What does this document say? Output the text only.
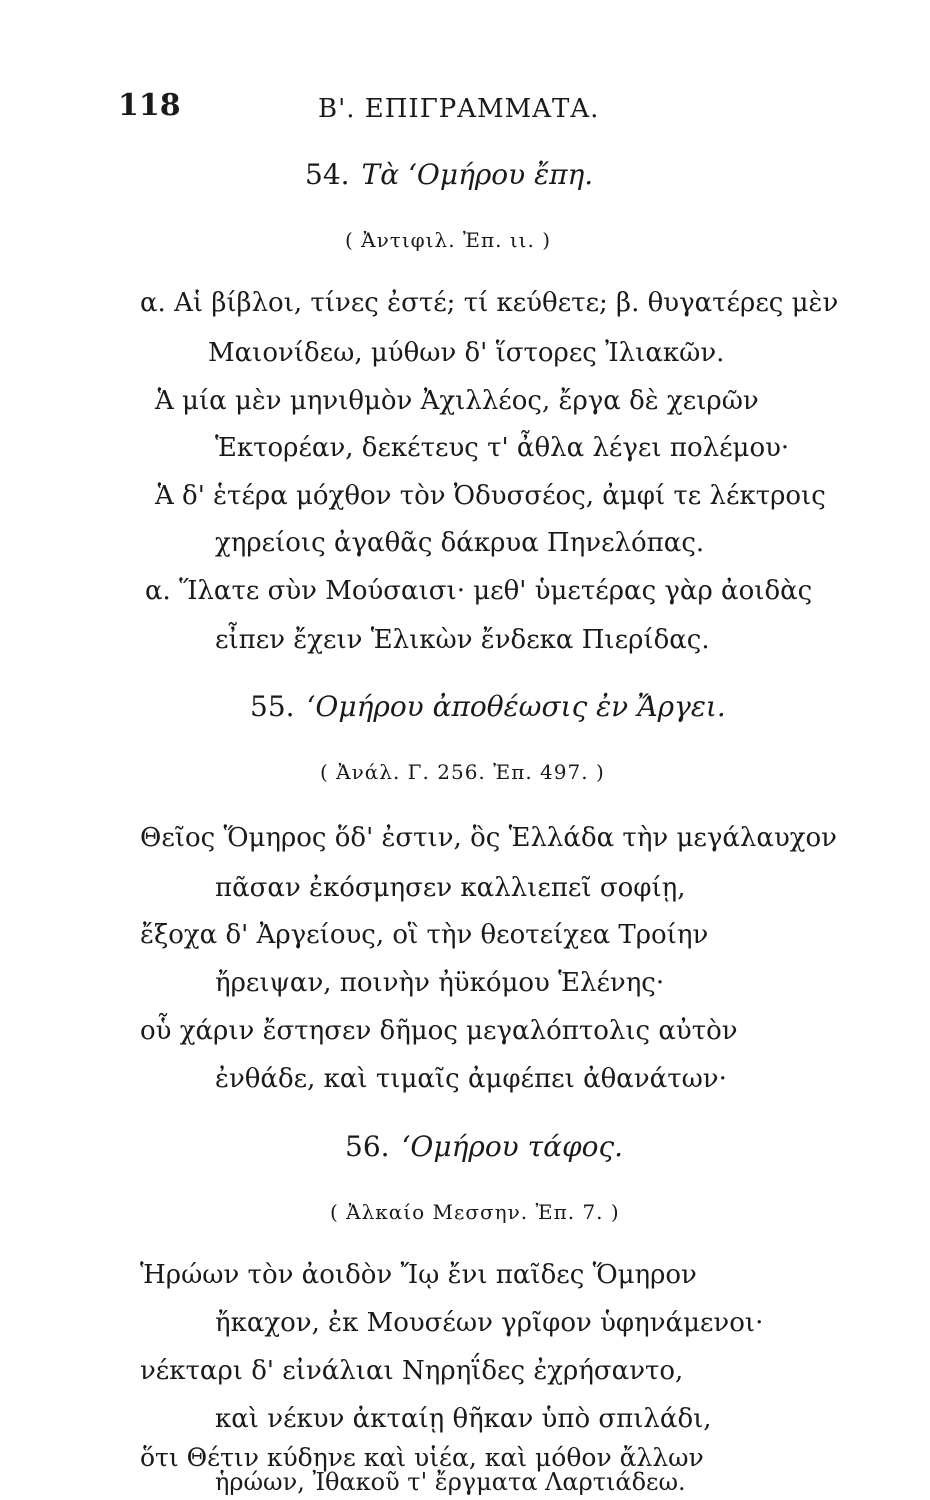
118	Β'. ΕΠΙΓΡΑΜΜΑΤΑ.
54. Τὰ ‘Ομήρου ἔπη.
( Ἀντιφιλ. Ἐπ. ιι. )
α. Αἱ βίβλοι, τίνες ἐστέ; τί κεύθετε; β. θυγατέρες μὲν
Μαιονίδεω, μύθων δ' ἵστορες Ἰλιακῶν.
Ἁ μία μὲν μηνιθμὸν Ἀχιλλέος, ἔργα δὲ χειρῶν
Ἑκτορέαν, δεκέτευς τ' ἆθλα λέγει πολέμου·
Ἁ δ' ἑτέρα μόχθον τὸν Ὀδυσσέος, ἀμφί τε λέκτροις
χηρείοις ἀγαθᾶς δάκρυα Πηνελόπας.
α. Ἵλατε σὺν Μούσαισι· μεθ' ὑμετέρας γὰρ ἀοιδὰς
εἶπεν ἔχειν Ἑλικὼν ἔνδεκα Πιερίδας.
55. ‘Ομήρου ἀποθέωσις ἐν Ἄργει.
( Ἀνάλ. Γ. 256. Ἐπ. 497. )
Θεῖος Ὅμηρος ὅδ' ἐστιν, ὃς Ἑλλάδα τὴν μεγάλαυχον
πᾶσαν ἐκόσμησεν καλλιεπεῖ σοφίῃ,
ἔξοχα δ' Ἀργείους, οἳ τὴν θεοτείχεα Τροίην
ἤρειψαν, ποινὴν ἠϋκόμου Ἑλένης·
οὗ χάριν ἔστησεν δῆμος μεγαλόπτολις αὐτὸν
ἐνθάδε, καὶ τιμαῖς ἀμφέπει ἀθανάτων·
56. ‘Ομήρου τάφος.
( Ἀλκαίο Μεσσην. Ἐπ. 7. )
Ἡρώων τὸν ἀοιδὸν Ἴῳ ἔνι παῖδες Ὅμηρον
ἤκαχον, ἐκ Μουσέων γρῖφον ὑφηνάμενοι·
νέκταρι δ' εἰνάλιαι Νηρηΐδες ἐχρήσαντο,
καὶ νέκυν ἀκταίῃ θῆκαν ὑπὸ σπιλάδι,
ὅτι Θέτιν κύδηνε καὶ υἱέα, καὶ μόθον ἄλλων
ἡρώων, Ἰθακοῦ τ' ἔργματα Λαρτιάδεω.
